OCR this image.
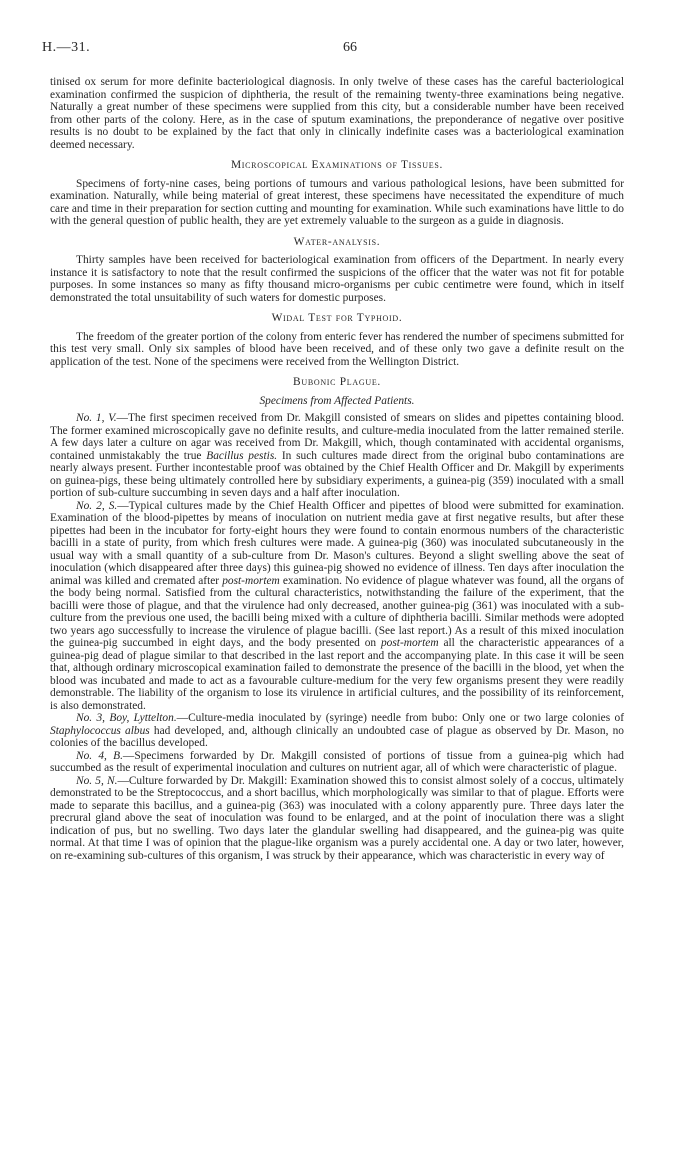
H.—31.	66

tinised ox serum for more definite bacteriological diagnosis. In only twelve of these cases has the careful bacteriological examination confirmed the suspicion of diphtheria, the result of the remaining twenty-three examinations being negative. Naturally a great number of these specimens were supplied from this city, but a considerable number have been received from other parts of the colony. Here, as in the case of sputum examinations, the preponderance of negative over positive results is no doubt to be explained by the fact that only in clinically indefinite cases was a bacteriological examination deemed necessary.

Microscopical Examinations of Tissues.

Specimens of forty-nine cases, being portions of tumours and various pathological lesions, have been submitted for examination. Naturally, while being material of great interest, these specimens have necessitated the expenditure of much care and time in their preparation for section cutting and mounting for examination. While such examinations have little to do with the general question of public health, they are yet extremely valuable to the surgeon as a guide in diagnosis.

Water-analysis.

Thirty samples have been received for bacteriological examination from officers of the Department. In nearly every instance it is satisfactory to note that the result confirmed the suspicions of the officer that the water was not fit for potable purposes. In some instances so many as fifty thousand micro-organisms per cubic centimetre were found, which in itself demonstrated the total unsuitability of such waters for domestic purposes.

Widal Test for Typhoid.

The freedom of the greater portion of the colony from enteric fever has rendered the number of specimens submitted for this test very small. Only six samples of blood have been received, and of these only two gave a definite result on the application of the test. None of the specimens were received from the Wellington District.

Bubonic Plague.
Specimens from Affected Patients.

No. 1, V.—The first specimen received from Dr. Makgill consisted of smears on slides and pipettes containing blood. The former examined microscopically gave no definite results, and culture-media inoculated from the latter remained sterile. A few days later a culture on agar was received from Dr. Makgill, which, though contaminated with accidental organisms, contained unmistakably the true Bacillus pestis. In such cultures made direct from the original bubo contaminations are nearly always present. Further incontestable proof was obtained by the Chief Health Officer and Dr. Makgill by experiments on guinea-pigs, these being ultimately controlled here by subsidiary experiments, a guinea-pig (359) inoculated with a small portion of sub-culture succumbing in seven days and a half after inoculation.

No. 2, S.—Typical cultures made by the Chief Health Officer and pipettes of blood were submitted for examination. Examination of the blood-pipettes by means of inoculation on nutrient media gave at first negative results, but after these pipettes had been in the incubator for forty-eight hours they were found to contain enormous numbers of the characteristic bacilli in a state of purity, from which fresh cultures were made. A guinea-pig (360) was inoculated subcutaneously in the usual way with a small quantity of a sub-culture from Dr. Mason's cultures. Beyond a slight swelling above the seat of inoculation (which disappeared after three days) this guinea-pig showed no evidence of illness. Ten days after inoculation the animal was killed and cremated after post-mortem examination. No evidence of plague whatever was found, all the organs of the body being normal. Satisfied from the cultural characteristics, notwithstanding the failure of the experiment, that the bacilli were those of plague, and that the virulence had only decreased, another guinea-pig (361) was inoculated with a sub-culture from the previous one used, the bacilli being mixed with a culture of diphtheria bacilli. Similar methods were adopted two years ago successfully to increase the virulence of plague bacilli. (See last report.) As a result of this mixed inoculation the guinea-pig succumbed in eight days, and the body presented on post-mortem all the characteristic appearances of a guinea-pig dead of plague similar to that described in the last report and the accompanying plate. In this case it will be seen that, although ordinary microscopical examination failed to demonstrate the presence of the bacilli in the blood, yet when the blood was incubated and made to act as a favourable culture-medium for the very few organisms present they were readily demonstrable. The liability of the organism to lose its virulence in artificial cultures, and the possibility of its reinforcement, is also demonstrated.

No. 3, Boy, Lyttelton.—Culture-media inoculated by (syringe) needle from bubo: Only one or two large colonies of Staphylococcus albus had developed, and, although clinically an undoubted case of plague as observed by Dr. Mason, no colonies of the bacillus developed.

No. 4, B.—Specimens forwarded by Dr. Makgill consisted of portions of tissue from a guinea-pig which had succumbed as the result of experimental inoculation and cultures on nutrient agar, all of which were characteristic of plague.

No. 5, N.—Culture forwarded by Dr. Makgill: Examination showed this to consist almost solely of a coccus, ultimately demonstrated to be the Streptococcus, and a short bacillus, which morphologically was similar to that of plague. Efforts were made to separate this bacillus, and a guinea-pig (363) was inoculated with a colony apparently pure. Three days later the precrural gland above the seat of inoculation was found to be enlarged, and at the point of inoculation there was a slight indication of pus, but no swelling. Two days later the glandular swelling had disappeared, and the guinea-pig was quite normal. At that time I was of opinion that the plague-like organism was a purely accidental one. A day or two later, however, on re-examining sub-cultures of this organism, I was struck by their appearance, which was characteristic in every way of
